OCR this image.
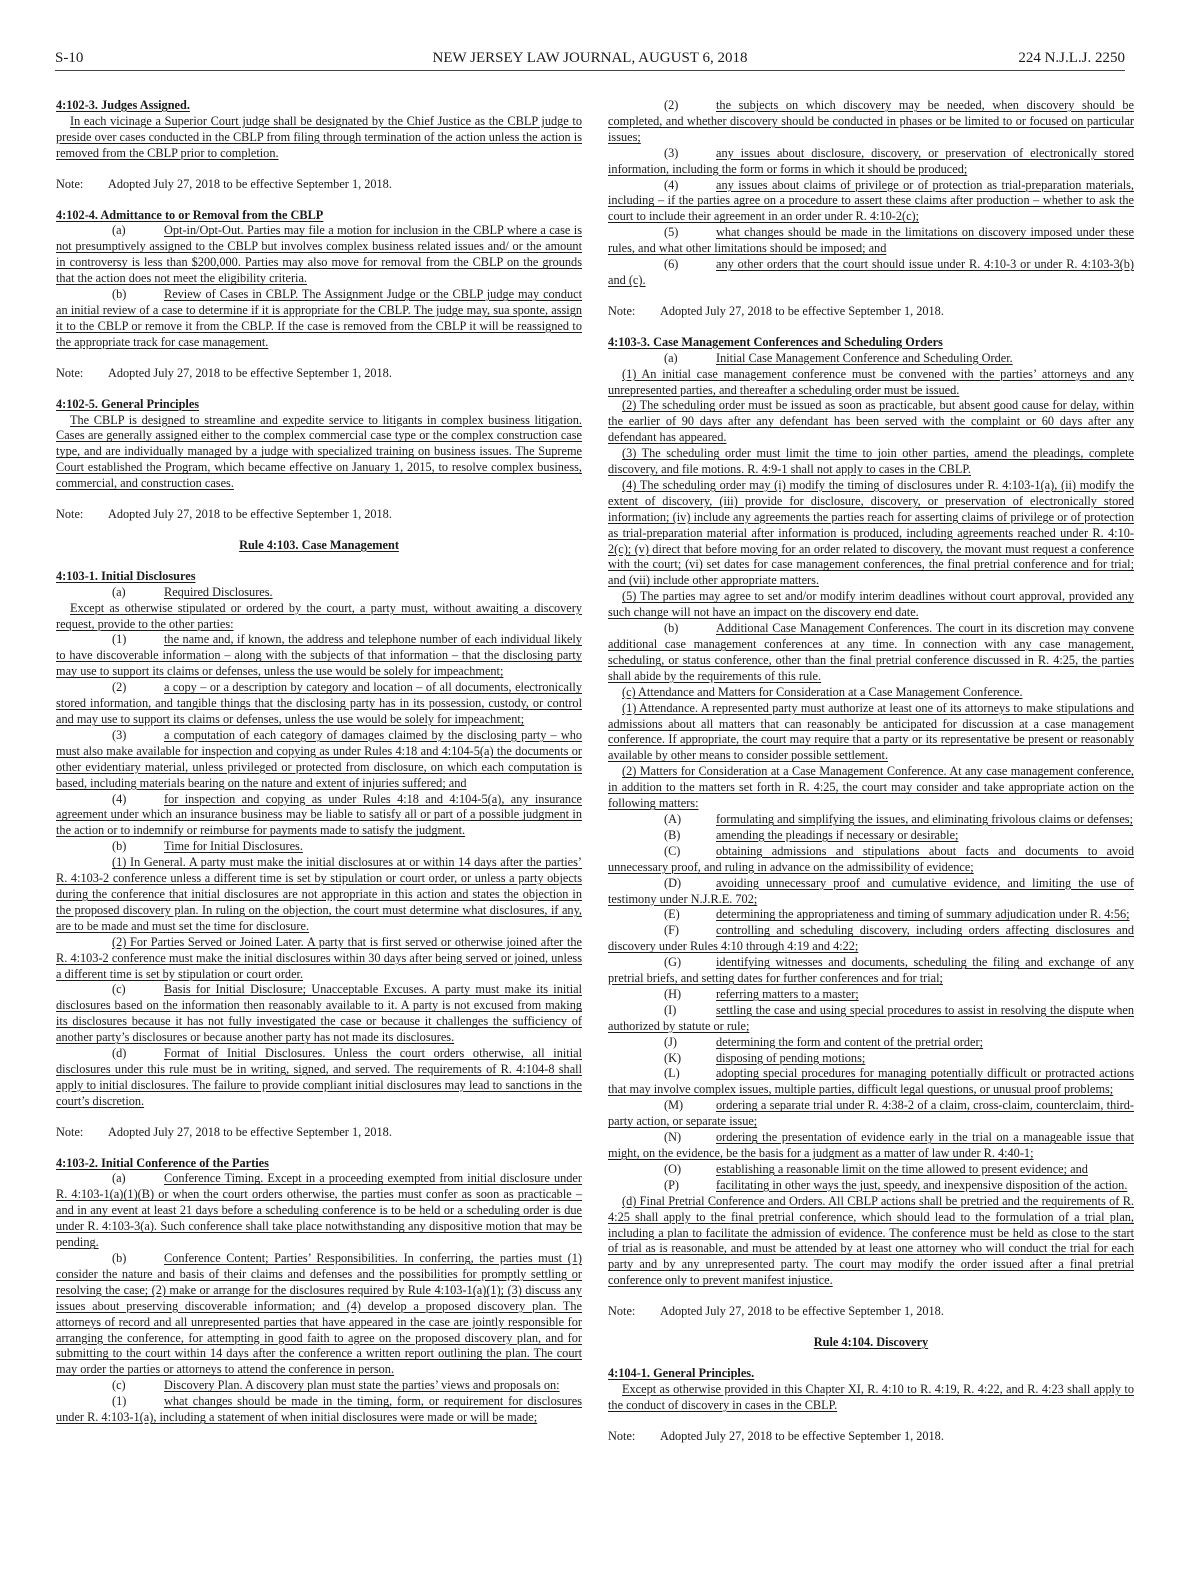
S-10	NEW JERSEY LAW JOURNAL, AUGUST 6, 2018	224 N.J.L.J. 2250
4:102-3. Judges Assigned.

In each vicinage a Superior Court judge shall be designated by the Chief Justice as the CBLP judge to preside over cases conducted in the CBLP from filing through termination of the action unless the action is removed from the CBLP prior to completion.

Note: Adopted July 27, 2018 to be effective September 1, 2018.

4:102-4. Admittance to or Removal from the CBLP

(a)	Opt-in/Opt-Out. Parties may file a motion for inclusion in the CBLP where a case is not presumptively assigned to the CBLP but involves complex business related issues and/ or the amount in controversy is less than $200,000. Parties may also move for removal from the CBLP on the grounds that the action does not meet the eligibility criteria.

(b)	Review of Cases in CBLP. The Assignment Judge or the CBLP judge may conduct an initial review of a case to determine if it is appropriate for the CBLP. The judge may, sua sponte, assign it to the CBLP or remove it from the CBLP. If the case is removed from the CBLP it will be reassigned to the appropriate track for case management.

Note: Adopted July 27, 2018 to be effective September 1, 2018.

4:102-5. General Principles

The CBLP is designed to streamline and expedite service to litigants in complex business litigation. Cases are generally assigned either to the complex commercial case type or the complex construction case type, and are individually managed by a judge with specialized training on business issues. The Supreme Court established the Program, which became effective on January 1, 2015, to resolve complex business, commercial, and construction cases.

Note: Adopted July 27, 2018 to be effective September 1, 2018.

Rule 4:103. Case Management

4:103-1. Initial Disclosures

(a)	Required Disclosures.

Except as otherwise stipulated or ordered by the court, a party must, without awaiting a discovery request, provide to the other parties:

(1)	the name and, if known, the address and telephone number of each individual likely to have discoverable information – along with the subjects of that information – that the disclosing party may use to support its claims or defenses, unless the use would be solely for impeachment;

(2)	a copy – or a description by category and location – of all documents, electronically stored information, and tangible things that the disclosing party has in its possession, custody, or control and may use to support its claims or defenses, unless the use would be solely for impeachment;

(3)	a computation of each category of damages claimed by the disclosing party – who must also make available for inspection and copying as under Rules 4:18 and 4:104-5(a) the documents or other evidentiary material, unless privileged or protected from disclosure, on which each computation is based, including materials bearing on the nature and extent of injuries suffered; and

(4)	for inspection and copying as under Rules 4:18 and 4:104-5(a), any insurance agreement under which an insurance business may be liable to satisfy all or part of a possible judgment in the action or to indemnify or reimburse for payments made to satisfy the judgment.

(b)	Time for Initial Disclosures.

(1) In General. A party must make the initial disclosures at or within 14 days after the parties’ R. 4:103-2 conference unless a different time is set by stipulation or court order, or unless a party objects during the conference that initial disclosures are not appropriate in this action and states the objection in the proposed discovery plan. In ruling on the objection, the court must determine what disclosures, if any, are to be made and must set the time for disclosure.

(2) For Parties Served or Joined Later. A party that is first served or otherwise joined after the R. 4:103-2 conference must make the initial disclosures within 30 days after being served or joined, unless a different time is set by stipulation or court order.

(c)	Basis for Initial Disclosure; Unacceptable Excuses. A party must make its initial disclosures based on the information then reasonably available to it. A party is not excused from making its disclosures because it has not fully investigated the case or because it challenges the sufficiency of another party’s disclosures or because another party has not made its disclosures.

(d)	Format of Initial Disclosures. Unless the court orders otherwise, all initial disclosures under this rule must be in writing, signed, and served. The requirements of R. 4:104-8 shall apply to initial disclosures. The failure to provide compliant initial disclosures may lead to sanctions in the court’s discretion.

Note: Adopted July 27, 2018 to be effective September 1, 2018.

4:103-2. Initial Conference of the Parties

(a)	Conference Timing. Except in a proceeding exempted from initial disclosure under R. 4:103-1(a)(1)(B) or when the court orders otherwise, the parties must confer as soon as practicable – and in any event at least 21 days before a scheduling conference is to be held or a scheduling order is due under R. 4:103-3(a). Such conference shall take place notwithstanding any dispositive motion that may be pending.

(b)	Conference Content; Parties’ Responsibilities. In conferring, the parties must (1) consider the nature and basis of their claims and defenses and the possibilities for promptly settling or resolving the case; (2) make or arrange for the disclosures required by Rule 4:103-1(a)(1); (3) discuss any issues about preserving discoverable information; and (4) develop a proposed discovery plan. The attorneys of record and all unrepresented parties that have appeared in the case are jointly responsible for arranging the conference, for attempting in good faith to agree on the proposed discovery plan, and for submitting to the court within 14 days after the conference a written report outlining the plan. The court may order the parties or attorneys to attend the conference in person.

(c)	Discovery Plan. A discovery plan must state the parties’ views and proposals on:

(1)	what changes should be made in the timing, form, or requirement for disclosures under R. 4:103-1(a), including a statement of when initial disclosures were made or will be made;

(2)	the subjects on which discovery may be needed, when discovery should be completed, and whether discovery should be conducted in phases or be limited to or focused on particular issues;

(3)	any issues about disclosure, discovery, or preservation of electronically stored information, including the form or forms in which it should be produced;

(4)	any issues about claims of privilege or of protection as trial-preparation materials, including – if the parties agree on a procedure to assert these claims after production – whether to ask the court to include their agreement in an order under R. 4:10-2(c);

(5)	what changes should be made in the limitations on discovery imposed under these rules, and what other limitations should be imposed; and

(6)	any other orders that the court should issue under R. 4:10-3 or under R. 4:103-3(b) and (c).

Note: Adopted July 27, 2018 to be effective September 1, 2018.

4:103-3. Case Management Conferences and Scheduling Orders

(a)	Initial Case Management Conference and Scheduling Order.

(1) An initial case management conference must be convened with the parties’ attorneys and any unrepresented parties, and thereafter a scheduling order must be issued.

(2) The scheduling order must be issued as soon as practicable, but absent good cause for delay, within the earlier of 90 days after any defendant has been served with the complaint or 60 days after any defendant has appeared.

(3) The scheduling order must limit the time to join other parties, amend the pleadings, complete discovery, and file motions. R. 4:9-1 shall not apply to cases in the CBLP.

(4) The scheduling order may (i) modify the timing of disclosures under R. 4:103-1(a), (ii) modify the extent of discovery, (iii) provide for disclosure, discovery, or preservation of electronically stored information; (iv) include any agreements the parties reach for asserting claims of privilege or of protection as trial-preparation material after information is produced, including agreements reached under R. 4:10-2(c); (v) direct that before moving for an order related to discovery, the movant must request a conference with the court; (vi) set dates for case management conferences, the final pretrial conference and for trial; and (vii) include other appropriate matters.

(5) The parties may agree to set and/or modify interim deadlines without court approval, provided any such change will not have an impact on the discovery end date.

(b)	Additional Case Management Conferences. The court in its discretion may convene additional case management conferences at any time. In connection with any case management, scheduling, or status conference, other than the final pretrial conference discussed in R. 4:25, the parties shall abide by the requirements of this rule.

(c) Attendance and Matters for Consideration at a Case Management Conference.

(1) Attendance. A represented party must authorize at least one of its attorneys to make stipulations and admissions about all matters that can reasonably be anticipated for discussion at a case management conference. If appropriate, the court may require that a party or its representative be present or reasonably available by other means to consider possible settlement.

(2) Matters for Consideration at a Case Management Conference. At any case management conference, in addition to the matters set forth in R. 4:25, the court may consider and take appropriate action on the following matters:

(A)	formulating and simplifying the issues, and eliminating frivolous claims or defenses;

(B)	amending the pleadings if necessary or desirable;

(C)	obtaining admissions and stipulations about facts and documents to avoid unnecessary proof, and ruling in advance on the admissibility of evidence;

(D)	avoiding unnecessary proof and cumulative evidence, and limiting the use of testimony under N.J.R.E. 702;

(E)	determining the appropriateness and timing of summary adjudication under R. 4:56;

(F)	controlling and scheduling discovery, including orders affecting disclosures and discovery under Rules 4:10 through 4:19 and 4:22;

(G)	identifying witnesses and documents, scheduling the filing and exchange of any pretrial briefs, and setting dates for further conferences and for trial;

(H)	referring matters to a master;

(I)	settling the case and using special procedures to assist in resolving the dispute when authorized by statute or rule;

(J)	determining the form and content of the pretrial order;

(K)	disposing of pending motions;

(L)	adopting special procedures for managing potentially difficult or protracted actions that may involve complex issues, multiple parties, difficult legal questions, or unusual proof problems;

(M)	ordering a separate trial under R. 4:38-2 of a claim, cross-claim, counterclaim, third-party action, or separate issue;

(N)	ordering the presentation of evidence early in the trial on a manageable issue that might, on the evidence, be the basis for a judgment as a matter of law under R. 4:40-1;

(O)	establishing a reasonable limit on the time allowed to present evidence; and

(P)	facilitating in other ways the just, speedy, and inexpensive disposition of the action.

(d) Final Pretrial Conference and Orders. All CBLP actions shall be pretried and the requirements of R. 4:25 shall apply to the final pretrial conference, which should lead to the formulation of a trial plan, including a plan to facilitate the admission of evidence. The conference must be held as close to the start of trial as is reasonable, and must be attended by at least one attorney who will conduct the trial for each party and by any unrepresented party. The court may modify the order issued after a final pretrial conference only to prevent manifest injustice.

Note: Adopted July 27, 2018 to be effective September 1, 2018.

Rule 4:104. Discovery

4:104-1. General Principles.

Except as otherwise provided in this Chapter XI, R. 4:10 to R. 4:19, R. 4:22, and R. 4:23 shall apply to the conduct of discovery in cases in the CBLP.

Note: Adopted July 27, 2018 to be effective September 1, 2018.
